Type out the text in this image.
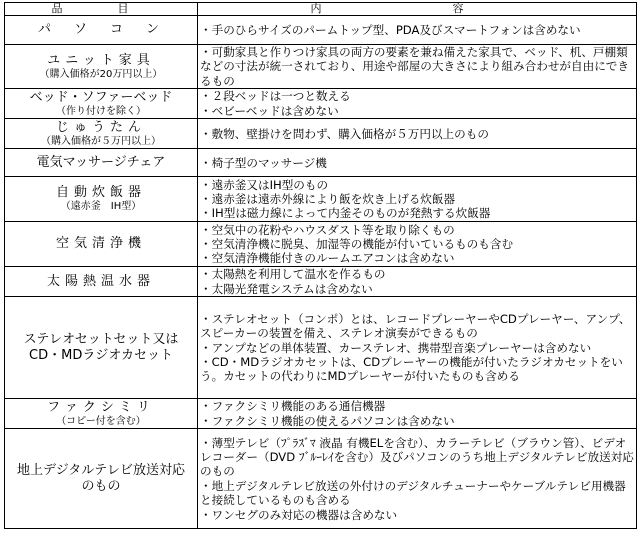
品　目	内　容

パ　ソ　コ　ン	・手のひらサイズのパームトップ型、PDA及びスマートフォンは含めない

ユニット家具
（購入価格が20万円以上）	・可動家具と作りつけ家具の両方の要素を兼ね備えた家具で、ベッド、机、戸棚類などの寸法が統一されており、用途や部屋の大きさにより組み合わせが自由にできるもの

ベッド・ソファーベッド
（作り付けを除く）	・２段ベッドは一つと数える
・ベビーベッドは含めない

じゅうたん
（購入価格が５万円以上）	・敷物、壁掛けを問わず、購入価格が５万円以上のもの

電気マッサージチェア	・椅子型のマッサージ機

自動炊飯器
（遠赤釜　IH型）	・遠赤釜又はIH型のもの
・遠赤釜は遠赤外線により飯を炊き上げる炊飯器
・IH型は磁力線によって内釜そのものが発熱する炊飯器

空気清浄機	・空気中の花粉やハウスダスト等を取り除くもの
・空気清浄機に脱臭、加湿等の機能が付いているものも含む
・空気清浄機能付きのルームエアコンは含めない

太陽熱温水器	・太陽熱を利用して温水を作るもの
・太陽光発電システムは含めない

ステレオセットセット又は
CD・MDラジオカセット	・ステレオセット（コンポ）とは、レコードプレーヤーやCDプレーヤー、アンプ、スピーカーの装置を備え、ステレオ演奏ができるもの
・アンプなどの単体装置、カーステレオ、携帯型音楽プレーヤーは含めない
・CD・MDラジオカセットは、CDプレーヤーの機能が付いたラジオカセットをいう。カセットの代わりにMDプレーヤーが付いたものも含める

ファクシミリ
（コピー付を含む）	・ファクシミリ機能のある通信機器
・ファクシミリ機能の使えるパソコンは含めない

地上デジタルテレビ放送対応
のもの	・薄型テレビ（ﾌﾟﾗｽﾞﾏ 液晶 有機ELを含む）、カラーテレビ（ブラウン管）、ビデオレコーダー（DVD ﾌﾞﾙｰﾚｲを含む）及びパソコンのうち地上デジタルテレビ放送対応のもの
・地上デジタルテレビ放送の外付けのデジタルチューナーやケーブルテレビ用機器と接続しているものも含める
・ワンセグのみ対応の機器は含めない
